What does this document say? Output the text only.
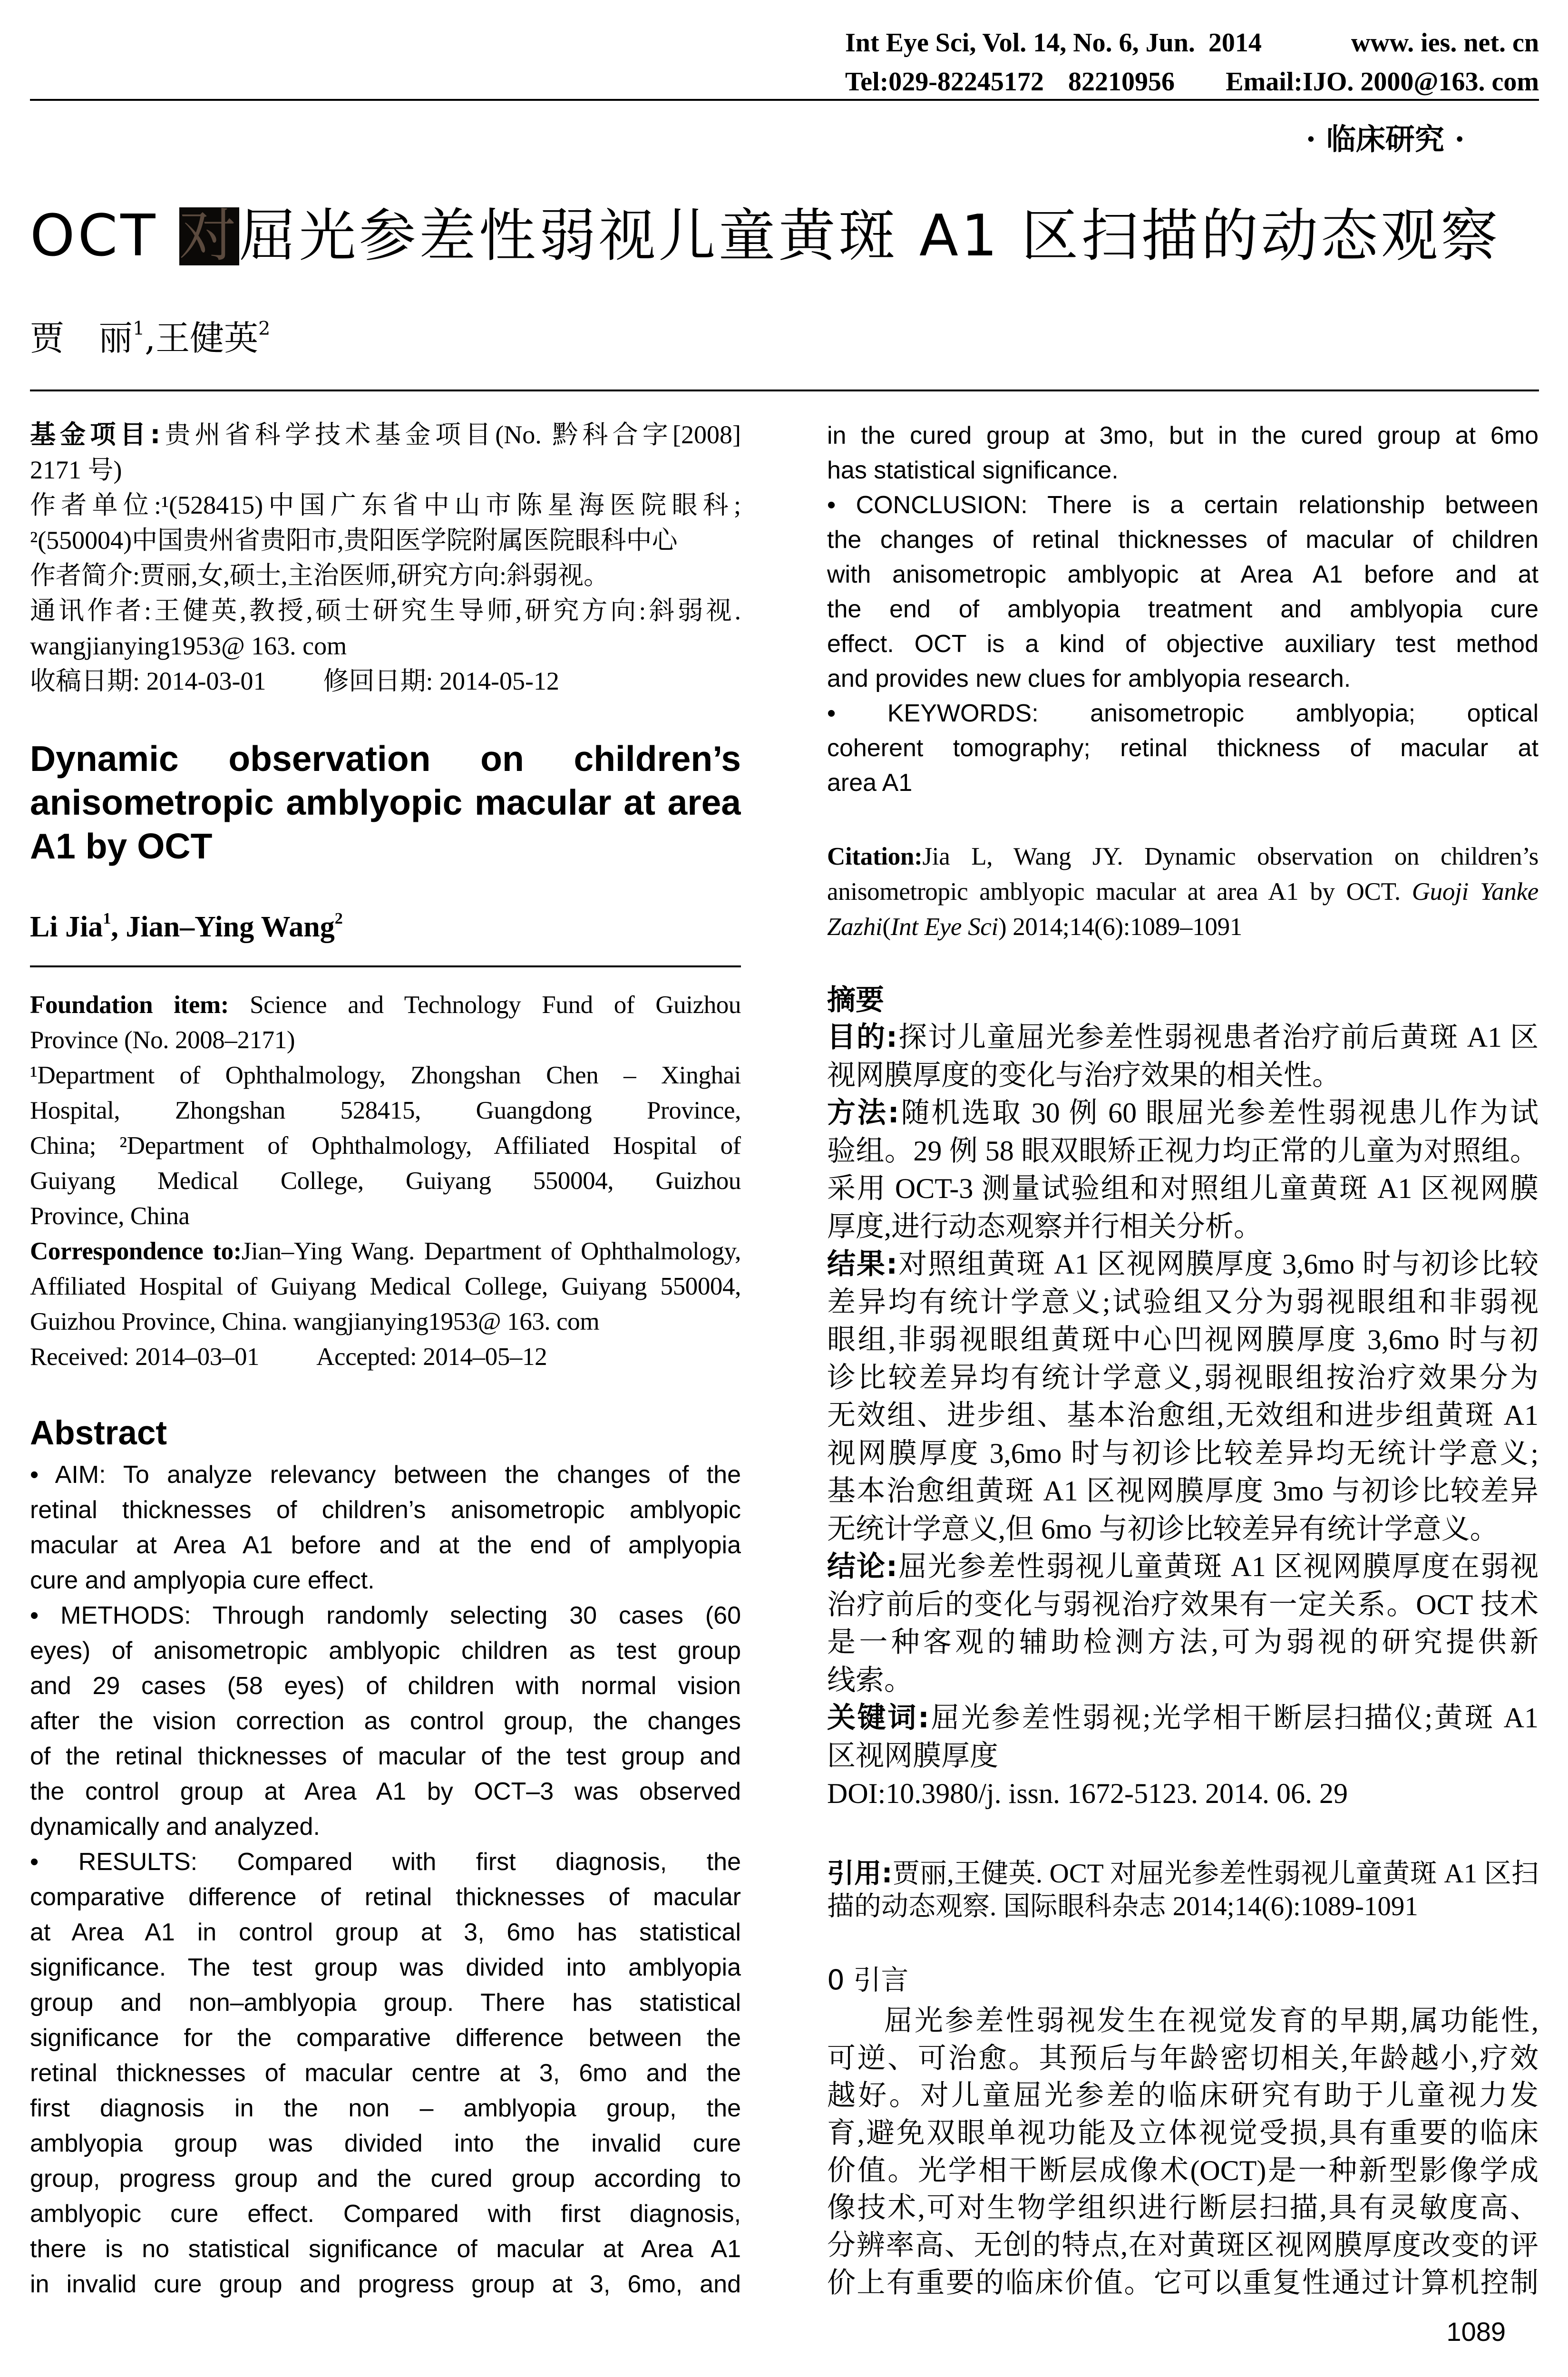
Int Eye Sci, Vol. 14, No. 6, Jun.  2014	www. ies. net. cn
Tel:029-82245172 82210956 Email:IJO. 2000@163. com
· 临床研究 ·
OCT 对屈光参差性弱视儿童黄斑 A1 区扫描的动态观察
贾　丽$^1$,王健英$^2$
基金项目:贵州省科学技术基金项目(No. 黔科合字[2008]
2171 号)
作者单位:¹(528415)中国广东省中山市陈星海医院眼科;
²(550004)中国贵州省贵阳市,贵阳医学院附属医院眼科中心
作者简介:贾丽,女,硕士,主治医师,研究方向:斜弱视。
通讯作者:王健英,教授,硕士研究生导师,研究方向:斜弱视.
wangjianying1953@ 163. com
收稿日期: 2014-03-01 修回日期: 2014-05-12
Dynamic observation on children’s
anisometropic amblyopic macular at area
A1 by OCT
Li Jia$^1$, Jian–Ying Wang$^2$
Foundation item: Science and Technology Fund of Guizhou
Province (No. 2008–2171)
¹Department of Ophthalmology, Zhongshan Chen – Xinghai
Hospital, Zhongshan 528415, Guangdong Province,
China; ²Department of Ophthalmology, Affiliated Hospital of
Guiyang Medical College, Guiyang 550004, Guizhou
Province, China
Correspondence to:Jian–Ying Wang. Department of Ophthalmology,
Affiliated Hospital of Guiyang Medical College, Guiyang 550004,
Guizhou Province, China. wangjianying1953@ 163. com
Received: 2014–03–01 Accepted: 2014–05–12
Abstract
• AIM: To analyze relevancy between the changes of the
retinal thicknesses of children’s anisometropic amblyopic
macular at Area A1 before and at the end of amplyopia
cure and amplyopia cure effect.
• METHODS: Through randomly selecting 30 cases (60
eyes) of anisometropic amblyopic children as test group
and 29 cases (58 eyes) of children with normal vision
after the vision correction as control group, the changes
of the retinal thicknesses of macular of the test group and
the control group at Area A1 by OCT–3 was observed
dynamically and analyzed.
• RESULTS: Compared with first diagnosis, the
comparative difference of retinal thicknesses of macular
at Area A1 in control group at 3, 6mo has statistical
significance. The test group was divided into amblyopia
group and non–amblyopia group. There has statistical
significance for the comparative difference between the
retinal thicknesses of macular centre at 3, 6mo and the
first diagnosis in the non – amblyopia group, the
amblyopia group was divided into the invalid cure
group, progress group and the cured group according to
amblyopic cure effect. Compared with first diagnosis,
there is no statistical significance of macular at Area A1
in invalid cure group and progress group at 3, 6mo, and
in the cured group at 3mo, but in the cured group at 6mo
has statistical significance.
• CONCLUSION: There is a certain relationship between
the changes of retinal thicknesses of macular of children
with anisometropic amblyopic at Area A1 before and at
the end of amblyopia treatment and amblyopia cure
effect. OCT is a kind of objective auxiliary test method
and provides new clues for amblyopia research.
• KEYWORDS: anisometropic amblyopia; optical
coherent tomography; retinal thickness of macular at
area A1
Citation:Jia L, Wang JY. Dynamic observation on children’s
anisometropic amblyopic macular at area A1 by OCT. Guoji Yanke
Zazhi(Int Eye Sci) 2014;14(6):1089–1091
摘要
目的:探讨儿童屈光参差性弱视患者治疗前后黄斑 A1 区
视网膜厚度的变化与治疗效果的相关性。
方法:随机选取 30 例 60 眼屈光参差性弱视患儿作为试
验组。29 例 58 眼双眼矫正视力均正常的儿童为对照组。
采用 OCT-3 测量试验组和对照组儿童黄斑 A1 区视网膜
厚度,进行动态观察并行相关分析。
结果:对照组黄斑 A1 区视网膜厚度 3,6mo 时与初诊比较
差异均有统计学意义;试验组又分为弱视眼组和非弱视
眼组,非弱视眼组黄斑中心凹视网膜厚度 3,6mo 时与初
诊比较差异均有统计学意义,弱视眼组按治疗效果分为
无效组、进步组、基本治愈组,无效组和进步组黄斑 A1
视网膜厚度 3,6mo 时与初诊比较差异均无统计学意义;
基本治愈组黄斑 A1 区视网膜厚度 3mo 与初诊比较差异
无统计学意义,但 6mo 与初诊比较差异有统计学意义。
结论:屈光参差性弱视儿童黄斑 A1 区视网膜厚度在弱视
治疗前后的变化与弱视治疗效果有一定关系。OCT 技术
是一种客观的辅助检测方法,可为弱视的研究提供新
线索。
关键词:屈光参差性弱视;光学相干断层扫描仪;黄斑 A1
区视网膜厚度
DOI:10.3980/j. issn. 1672-5123. 2014. 06. 29
引用:贾丽,王健英. OCT 对屈光参差性弱视儿童黄斑 A1 区扫
描的动态观察. 国际眼科杂志 2014;14(6):1089-1091
0 引言
屈光参差性弱视发生在视觉发育的早期,属功能性,
可逆、可治愈。其预后与年龄密切相关,年龄越小,疗效
越好。对儿童屈光参差的临床研究有助于儿童视力发
育,避免双眼单视功能及立体视觉受损,具有重要的临床
价值。光学相干断层成像术(OCT)是一种新型影像学成
像技术,可对生物学组织进行断层扫描,具有灵敏度高、
分辨率高、无创的特点,在对黄斑区视网膜厚度改变的评
价上有重要的临床价值。它可以重复性通过计算机控制
1089
